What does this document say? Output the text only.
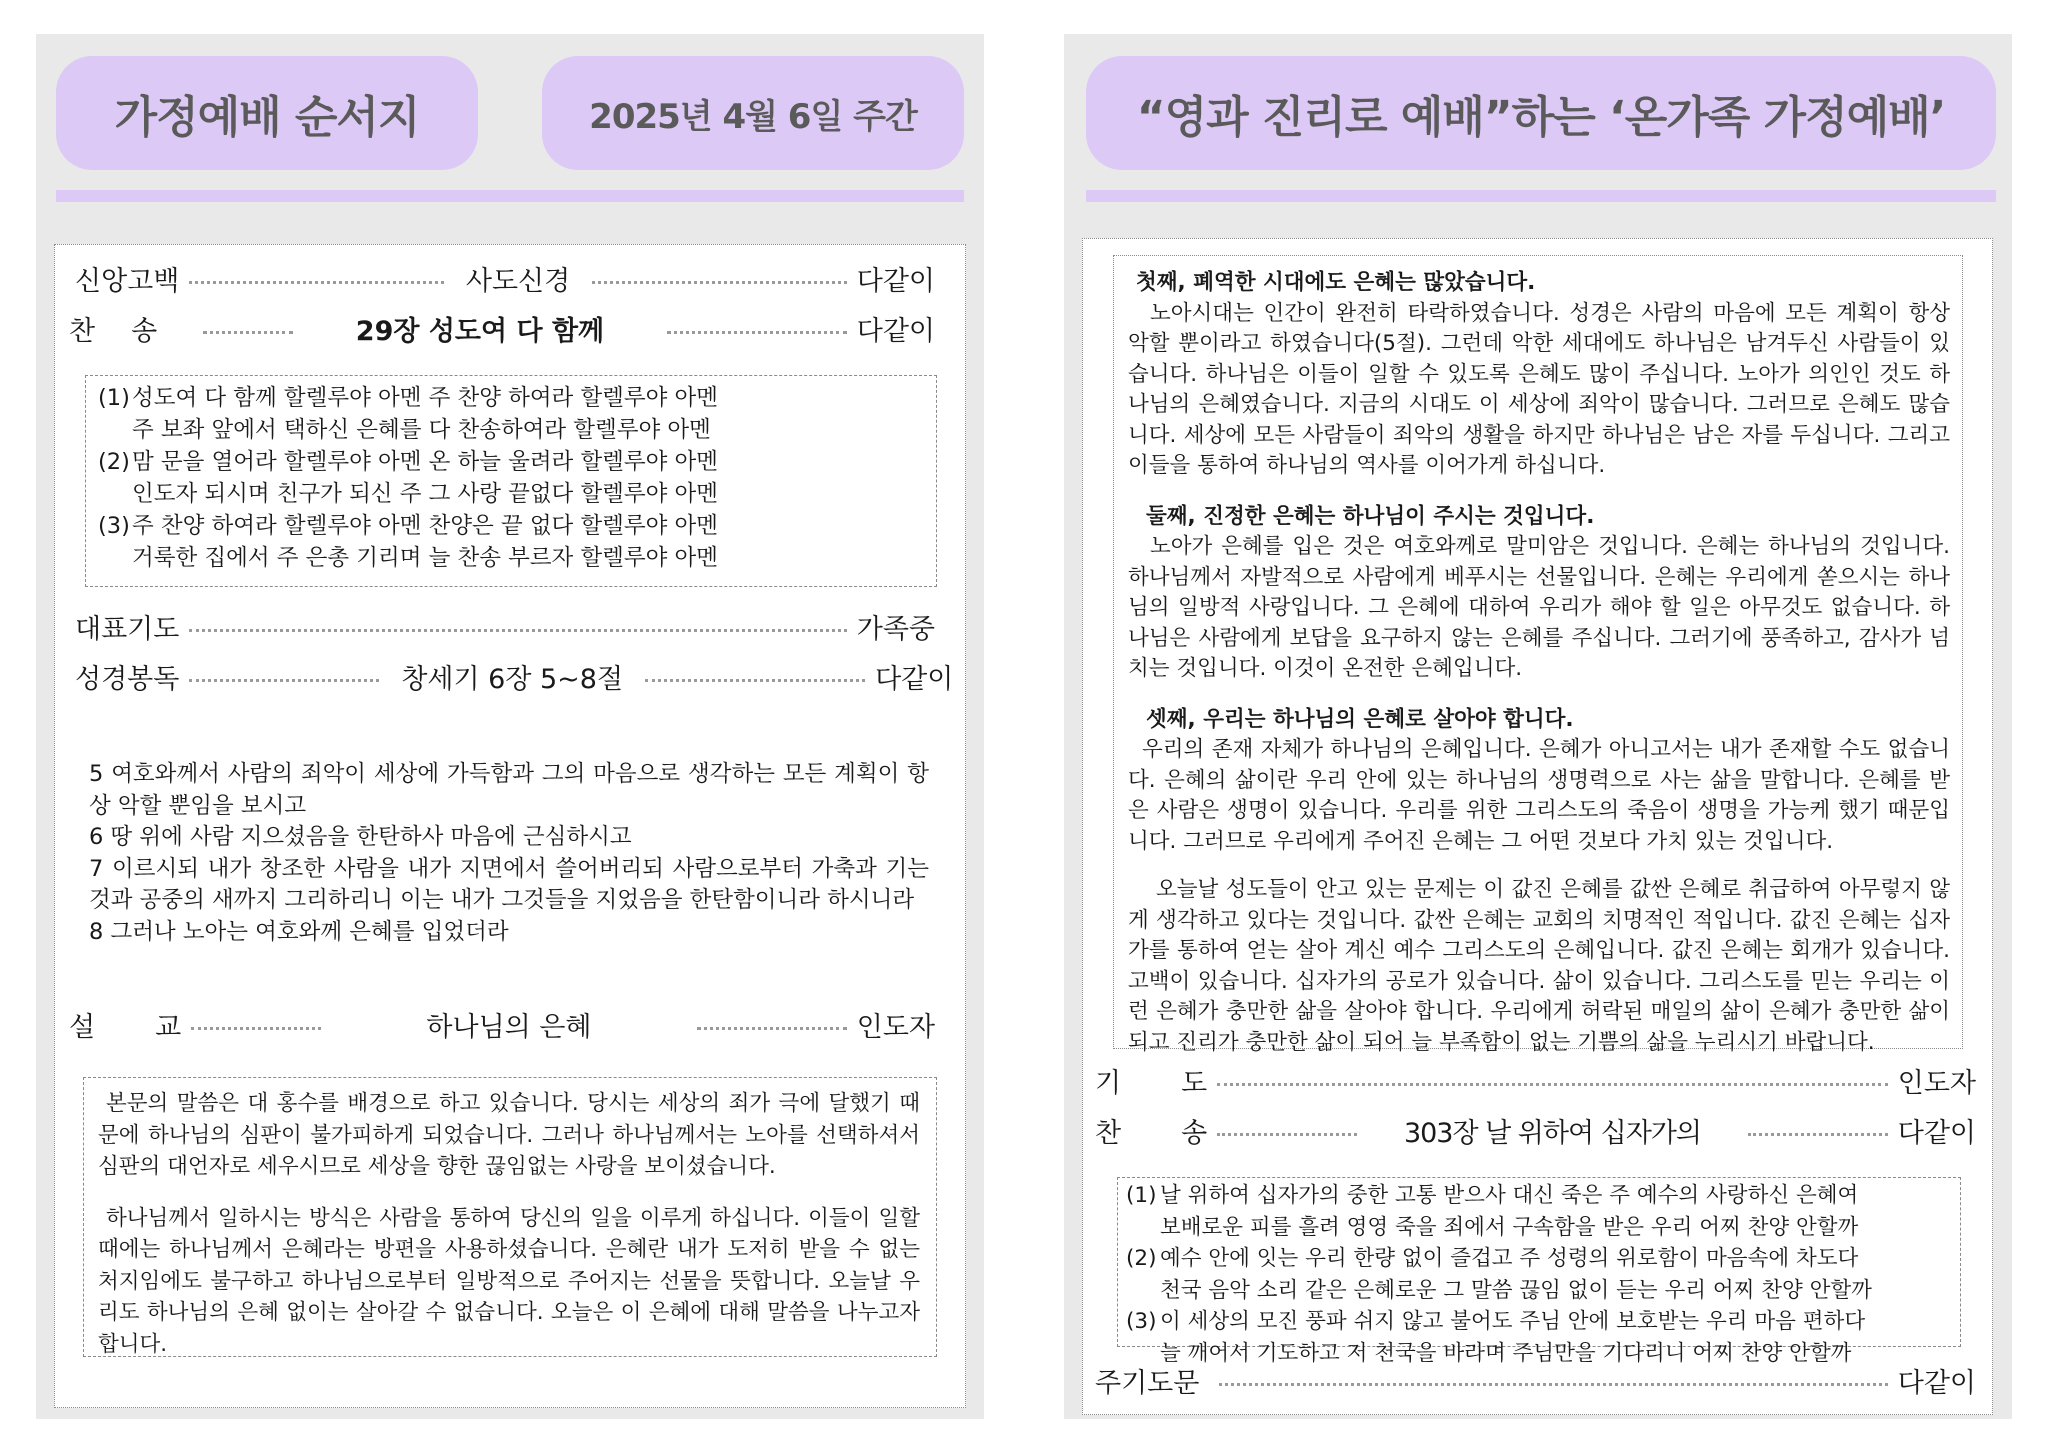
가정예배 순서지	2025년 4월 6일 주간
신앙고백	사도신경	다같이
찬송	29장 성도여 다 함께	다같이
(1)성도여 다 함께 할렐루야 아멘 주 찬양 하여라 할렐루야 아멘
주 보좌 앞에서 택하신 은혜를 다 찬송하여라 할렐루야 아멘
(2)맘 문을 열어라 할렐루야 아멘 온 하늘 울려라 할렐루야 아멘
인도자 되시며 친구가 되신 주 그 사랑 끝없다 할렐루야 아멘
(3)주 찬양 하여라 할렐루야 아멘 찬양은 끝 없다 할렐루야 아멘
거룩한 집에서 주 은총 기리며 늘 찬송 부르자 할렐루야 아멘
대표기도	가족중
성경봉독	창세기 6장 5~8절	다같이

5 여호와께서 사람의 죄악이 세상에 가득함과 그의 마음으로 생각하는 모든 계획이 항상 악할 뿐임을 보시고

6 땅 위에 사람 지으셨음을 한탄하사 마음에 근심하시고

7 이르시되 내가 창조한 사람을 내가 지면에서 쓸어버리되 사람으로부터 가축과 기는 것과 공중의 새까지 그리하리니 이는 내가 그것들을 지었음을 한탄함이니라 하시니라

8 그러나 노아는 여호와께 은혜를 입었더라

설교	하나님의 은혜	인도자

본문의 말씀은 대 홍수를 배경으로 하고 있습니다. 당시는 세상의 죄가 극에 달했기 때문에 하나님의 심판이 불가피하게 되었습니다. 그러나 하나님께서는 노아를 선택하셔서 심판의 대언자로 세우시므로 세상을 향한 끊임없는 사랑을 보이셨습니다.

하나님께서 일하시는 방식은 사람을 통하여 당신의 일을 이루게 하십니다. 이들이 일할 때에는 하나님께서 은혜라는 방편을 사용하셨습니다. 은혜란 내가 도저히 받을 수 없는 처지임에도 불구하고 하나님으로부터 일방적으로 주어지는 선물을 뜻합니다. 오늘날 우리도 하나님의 은혜 없이는 살아갈 수 없습니다. 오늘은 이 은혜에 대해 말씀을 나누고자 합니다.

“영과 진리로 예배”하는 ‘온가족 가정예배’

첫째, 폐역한 시대에도 은혜는 많았습니다.

노아시대는 인간이 완전히 타락하였습니다. 성경은 사람의 마음에 모든 계획이 항상 악할 뿐이라고 하였습니다(5절). 그런데 악한 세대에도 하나님은 남겨두신 사람들이 있습니다. 하나님은 이들이 일할 수 있도록 은혜도 많이 주십니다. 노아가 의인인 것도 하나님의 은혜였습니다. 지금의 시대도 이 세상에 죄악이 많습니다. 그러므로 은혜도 많습니다. 세상에 모든 사람들이 죄악의 생활을 하지만 하나님은 남은 자를 두십니다. 그리고 이들을 통하여 하나님의 역사를 이어가게 하십니다.

둘째, 진정한 은혜는 하나님이 주시는 것입니다.

노아가 은혜를 입은 것은 여호와께로 말미암은 것입니다. 은혜는 하나님의 것입니다. 하나님께서 자발적으로 사람에게 베푸시는 선물입니다. 은혜는 우리에게 쏟으시는 하나님의 일방적 사랑입니다. 그 은혜에 대하여 우리가 해야 할 일은 아무것도 없습니다. 하나님은 사람에게 보답을 요구하지 않는 은혜를 주십니다. 그러기에 풍족하고, 감사가 넘치는 것입니다. 이것이 온전한 은혜입니다.

셋째, 우리는 하나님의 은혜로 살아야 합니다.

우리의 존재 자체가 하나님의 은혜입니다. 은혜가 아니고서는 내가 존재할 수도 없습니다. 은혜의 삶이란 우리 안에 있는 하나님의 생명력으로 사는 삶을 말합니다. 은혜를 받은 사람은 생명이 있습니다. 우리를 위한 그리스도의 죽음이 생명을 가능케 했기 때문입니다. 그러므로 우리에게 주어진 은혜는 그 어떤 것보다 가치 있는 것입니다.

오늘날 성도들이 안고 있는 문제는 이 값진 은혜를 값싼 은혜로 취급하여 아무렇지 않게 생각하고 있다는 것입니다. 값싼 은혜는 교회의 치명적인 적입니다. 값진 은혜는 십자가를 통하여 얻는 살아 계신 예수 그리스도의 은혜입니다. 값진 은혜는 회개가 있습니다. 고백이 있습니다. 십자가의 공로가 있습니다. 삶이 있습니다. 그리스도를 믿는 우리는 이런 은혜가 충만한 삶을 살아야 합니다. 우리에게 허락된 매일의 삶이 은혜가 충만한 삶이 되고 진리가 충만한 삶이 되어 늘 부족함이 없는 기쁨의 삶을 누리시기 바랍니다.

기도	인도자
찬송	303장 날 위하여 십자가의	다같이
(1) 날 위하여 십자가의 중한 고통 받으사 대신 죽은 주 예수의 사랑하신 은혜여
보배로운 피를 흘려 영영 죽을 죄에서 구속함을 받은 우리 어찌 찬양 안할까
(2) 예수 안에 잇는 우리 한량 없이 즐겁고 주 성령의 위로함이 마음속에 차도다
천국 음악 소리 같은 은혜로운 그 말씀 끊임 없이 듣는 우리 어찌 찬양 안할까
(3) 이 세상의 모진 풍파 쉬지 않고 불어도 주님 안에 보호받는 우리 마음 편하다
늘 깨어서 기도하고 저 천국을 바라며 주님만을 기다리니 어찌 찬양 안할까
주기도문	다같이
